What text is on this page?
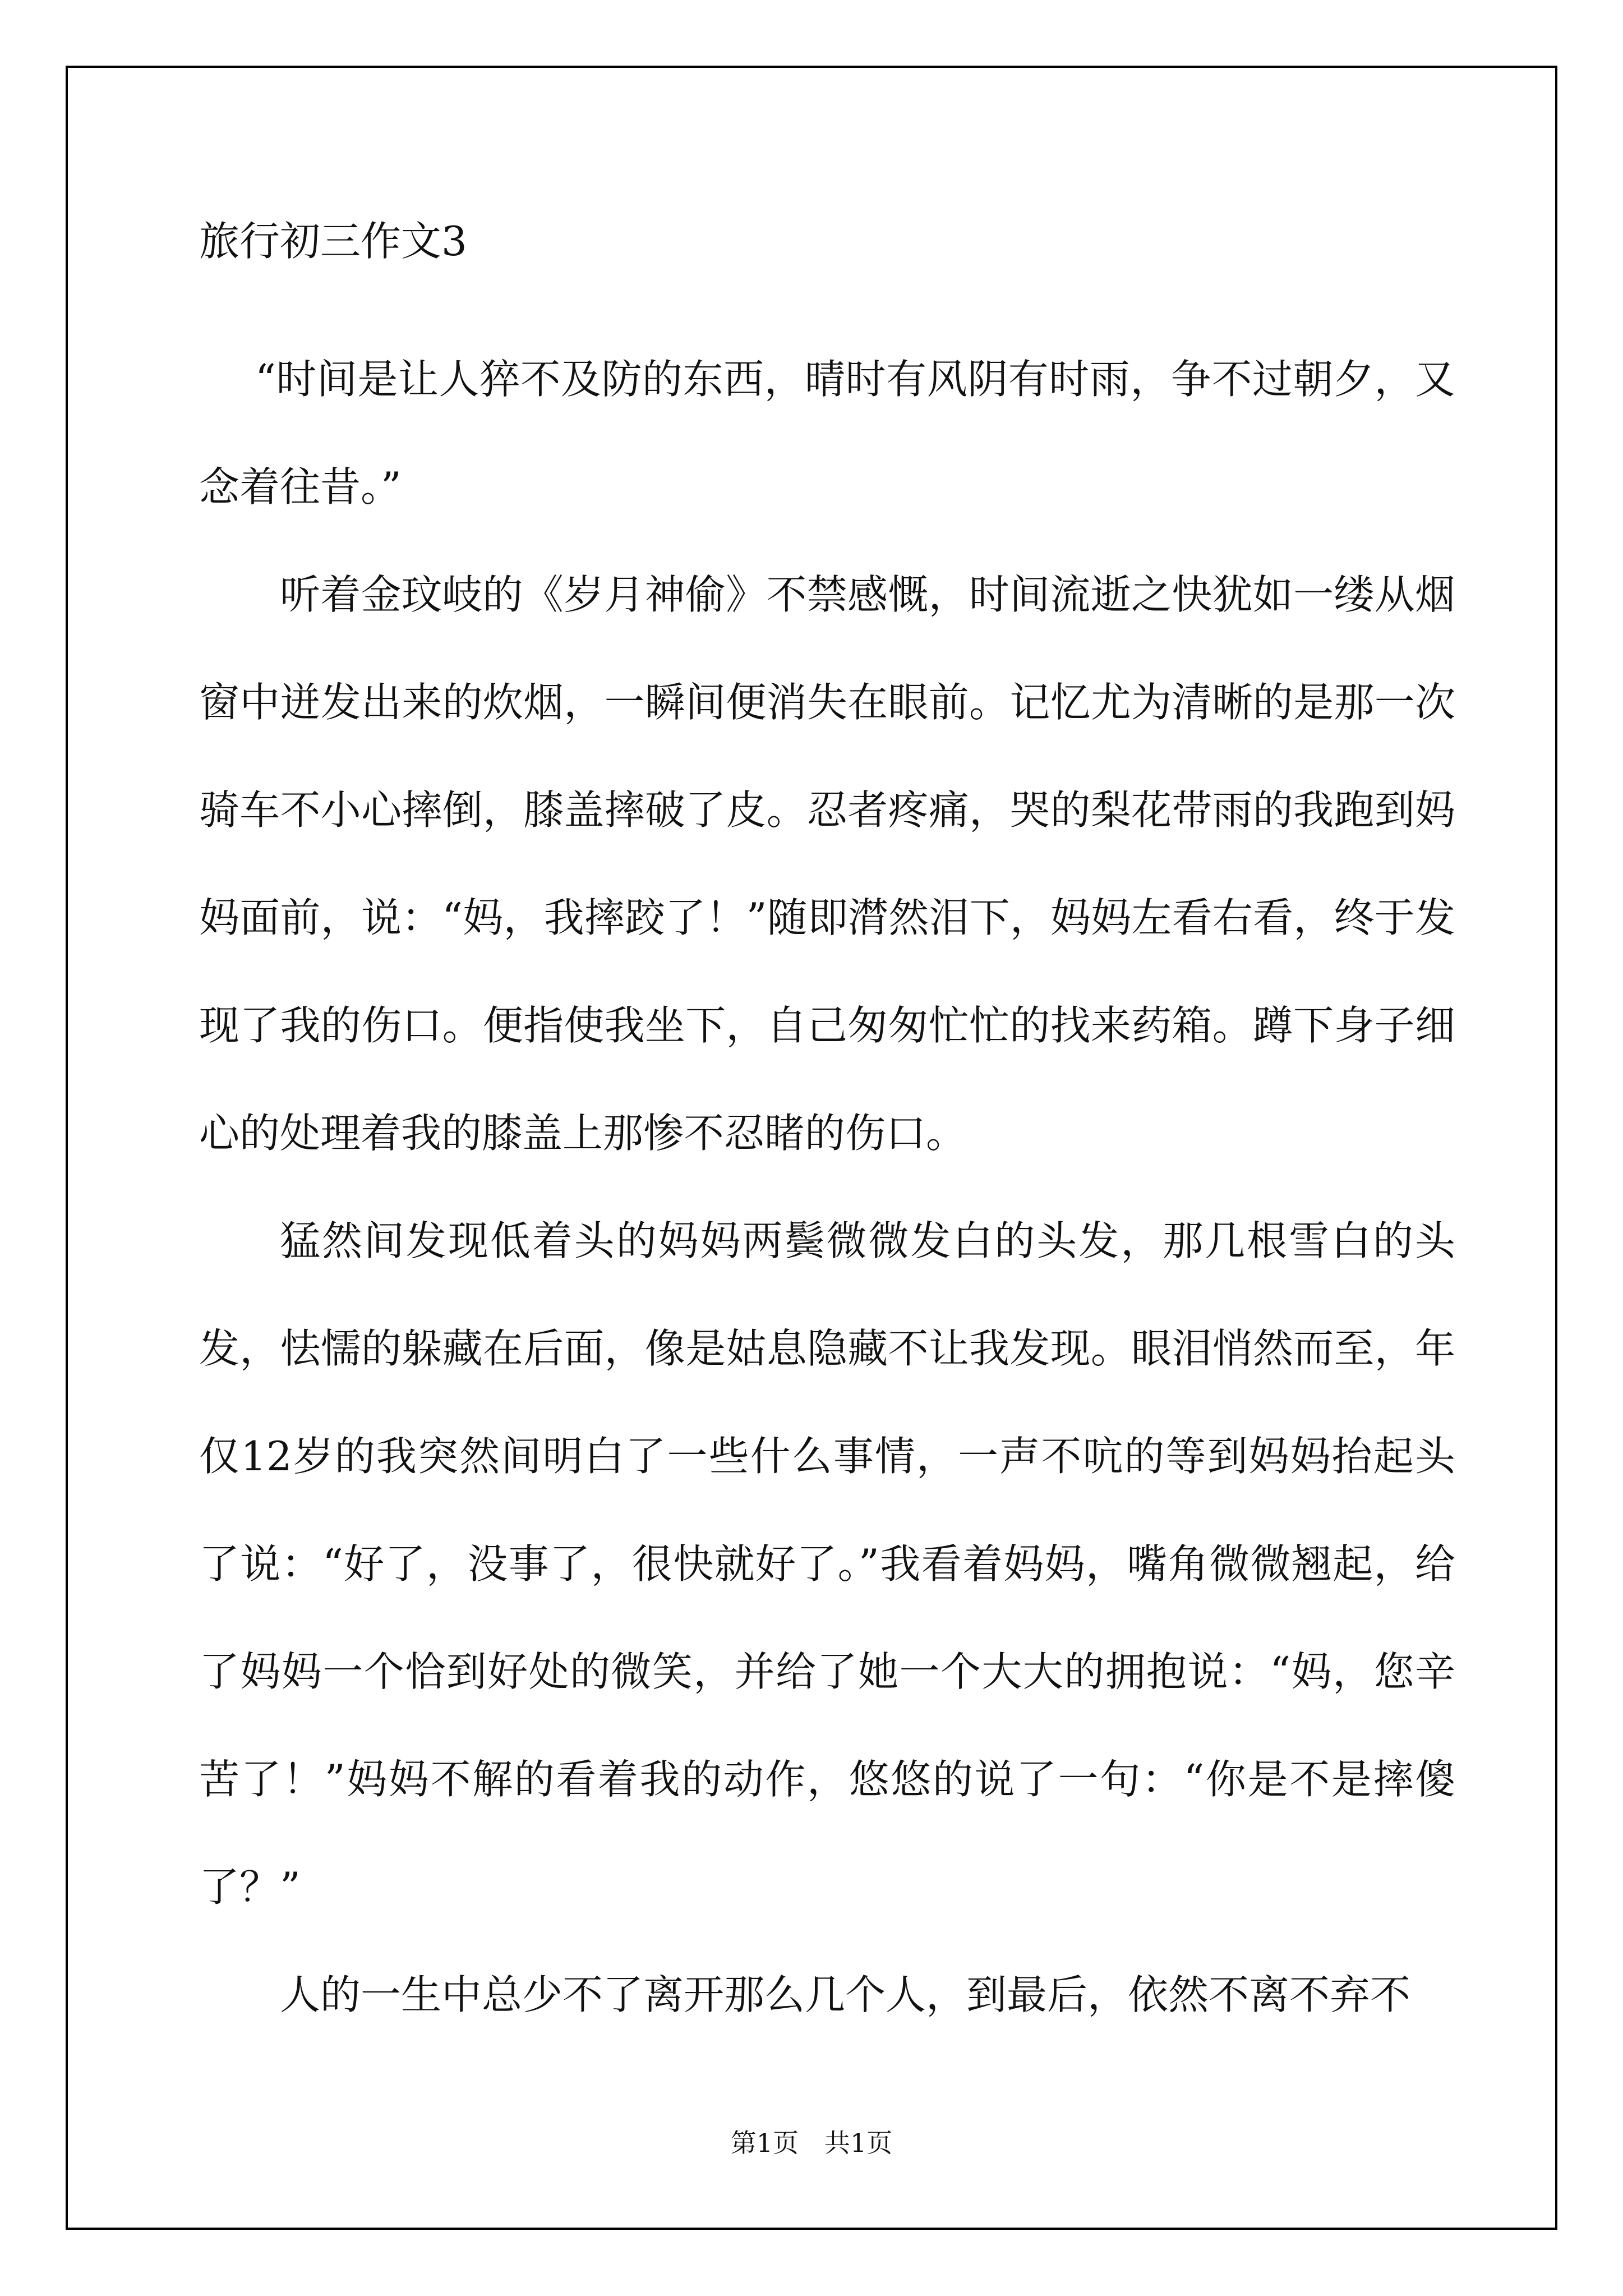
旅行初三作文3

“时间是让人猝不及防的东西，晴时有风阴有时雨，争不过朝夕，又念着往昔。”

听着金玟岐的《岁月神偷》不禁感慨，时间流逝之快犹如一缕从烟窗中迸发出来的炊烟，一瞬间便消失在眼前。记忆尤为清晰的是那一次骑车不小心摔倒，膝盖摔破了皮。忍者疼痛，哭的梨花带雨的我跑到妈妈面前，说：“妈，我摔跤了！”随即潸然泪下，妈妈左看右看，终于发现了我的伤口。便指使我坐下，自己匆匆忙忙的找来药箱。蹲下身子细心的处理着我的膝盖上那惨不忍睹的伤口。

猛然间发现低着头的妈妈两鬓微微发白的头发，那几根雪白的头发，怯懦的躲藏在后面，像是姑息隐藏不让我发现。眼泪悄然而至，年仅12岁的我突然间明白了一些什么事情，一声不吭的等到妈妈抬起头了说：“好了，没事了，很快就好了。”我看着妈妈，嘴角微微翘起，给了妈妈一个恰到好处的微笑，并给了她一个大大的拥抱说：“妈，您辛苦了！”妈妈不解的看着我的动作，悠悠的说了一句：“你是不是摔傻了？”

人的一生中总少不了离开那么几个人，到最后，依然不离不弃不

第1页　共1页
